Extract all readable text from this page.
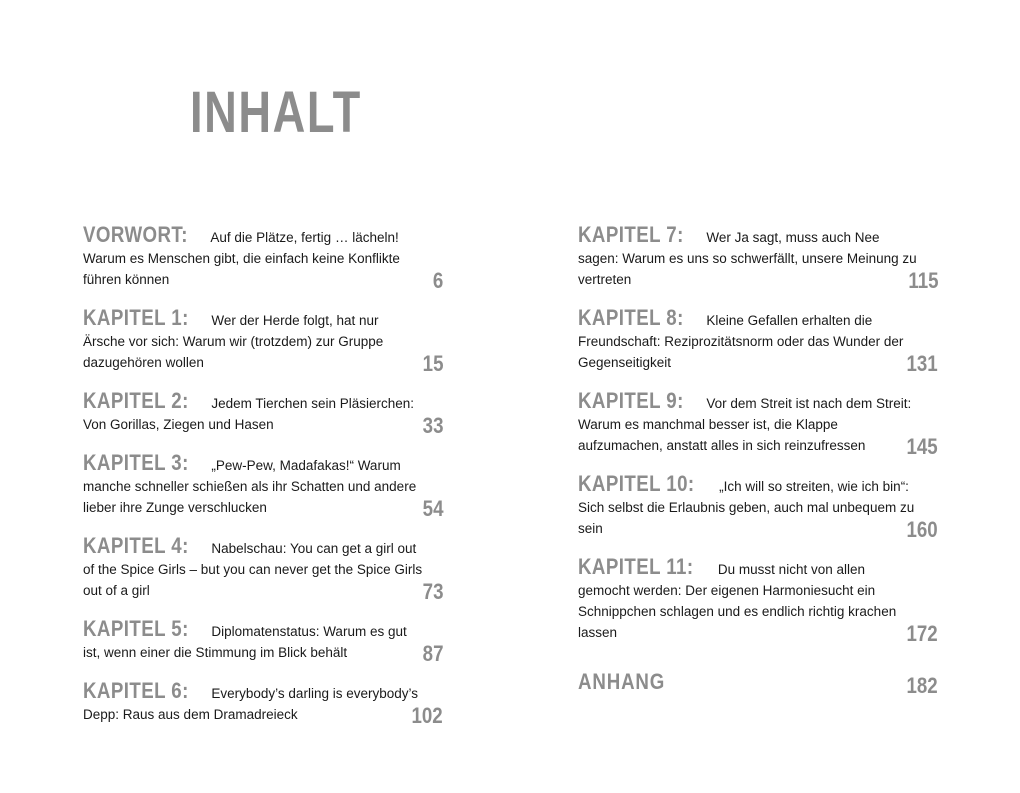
INHALT
VORWORT: Auf die Plätze, fertig … lächeln! Warum es Menschen gibt, die einfach keine Konflikte führen können	6
KAPITEL 1: Wer der Herde folgt, hat nur Ärsche vor sich: Warum wir (trotzdem) zur Gruppe dazugehören wollen	15
KAPITEL 2: Jedem Tierchen sein Pläsierchen: Von Gorillas, Ziegen und Hasen	33
KAPITEL 3: „Pew-Pew, Madafakas!“ Warum manche schneller schießen als ihr Schatten und andere lieber ihre Zunge verschlucken	54
KAPITEL 4: Nabelschau: You can get a girl out of the Spice Girls – but you can never get the Spice Girls out of a girl	73
KAPITEL 5: Diplomatenstatus: Warum es gut ist, wenn einer die Stimmung im Blick behält	87
KAPITEL 6: Everybody’s darling is everybody’s Depp: Raus aus dem Dramadreieck	102
KAPITEL 7: Wer Ja sagt, muss auch Nee sagen: Warum es uns so schwerfällt, unsere Meinung zu vertreten	115
KAPITEL 8: Kleine Gefallen erhalten die Freundschaft: Reziprozitätsnorm oder das Wunder der Gegenseitigkeit	131
KAPITEL 9: Vor dem Streit ist nach dem Streit: Warum es manchmal besser ist, die Klappe aufzumachen, anstatt alles in sich reinzufressen	145
KAPITEL 10: „Ich will so streiten, wie ich bin“: Sich selbst die Erlaubnis geben, auch mal unbequem zu sein	160
KAPITEL 11: Du musst nicht von allen gemocht werden: Der eigenen Harmoniesucht ein Schnippchen schlagen und es endlich richtig krachen lassen	172
ANHANG	182
